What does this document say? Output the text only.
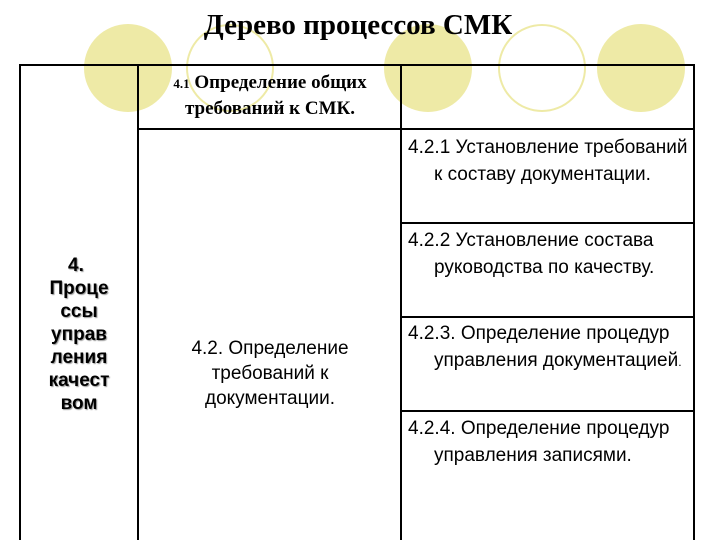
Дерево процессов СМК
4.
Проце ссы управ ления качест вом
4.1 Определение общих требований к СМК.
4.2. Определение требований к документации.
4.2.1 Установление требований к составу документации.
4.2.2 Установление состава руководства по качеству.
4.2.3. Определение процедур управления документацией.
4.2.4. Определение процедур управления записями.
